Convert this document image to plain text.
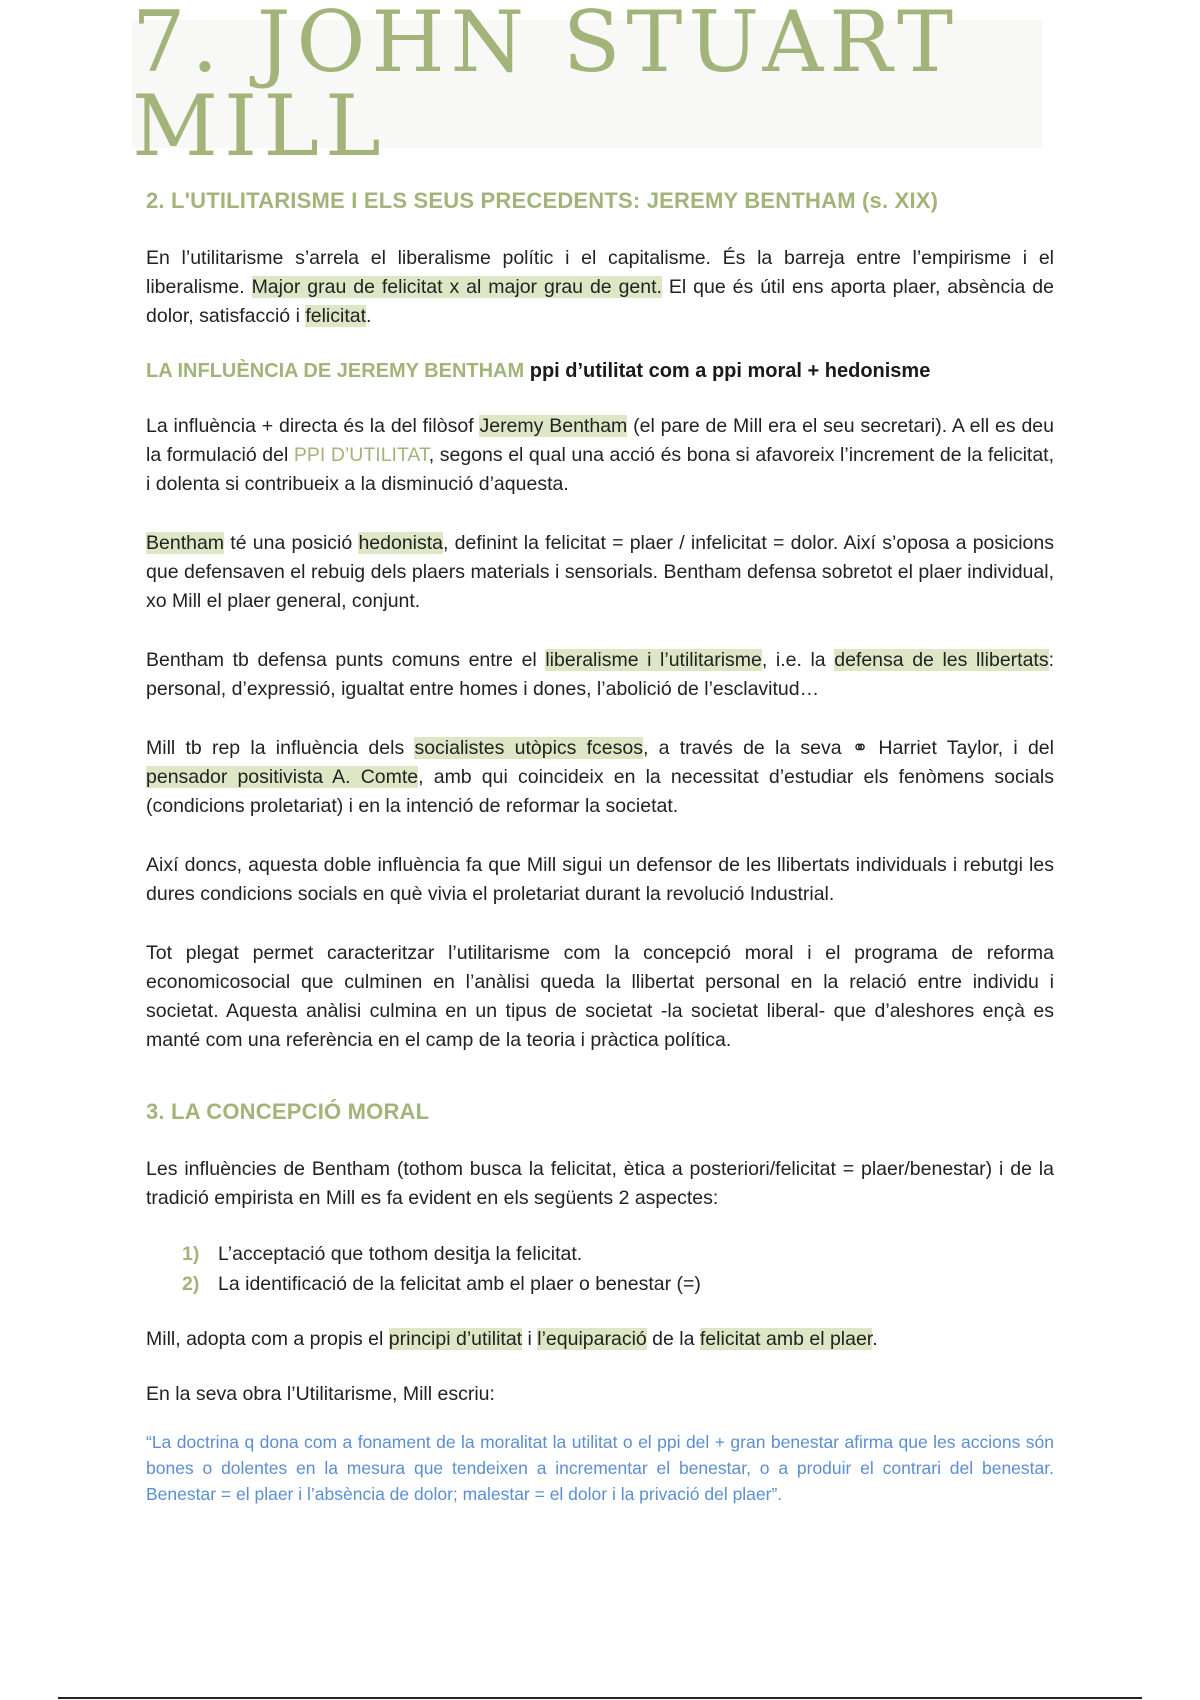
7. JOHN STUART MILL
2. L'UTILITARISME I ELS SEUS PRECEDENTS: JEREMY BENTHAM (s. XIX)

En l’utilitarisme s’arrela el liberalisme polític i el capitalisme. És la barreja entre l’empirisme i el liberalisme. Major grau de felicitat x al major grau de gent. El que és útil ens aporta plaer, absència de dolor, satisfacció i felicitat.

LA INFLUÈNCIA DE JEREMY BENTHAM ppi d’utilitat com a ppi moral + hedonisme

La influència + directa és la del filòsof Jeremy Bentham (el pare de Mill era el seu secretari). A ell es deu la formulació del PPI D’UTILITAT, segons el qual una acció és bona si afavoreix l’increment de la felicitat, i dolenta si contribueix a la disminució d’aquesta.

Bentham té una posició hedonista, definint la felicitat = plaer / infelicitat = dolor. Així s’oposa a posicions que defensaven el rebuig dels plaers materials i sensorials. Bentham defensa sobretot el plaer individual, xo Mill el plaer general, conjunt.

Bentham tb defensa punts comuns entre el liberalisme i l’utilitarisme, i.e. la defensa de les llibertats: personal, d’expressió, igualtat entre homes i dones, l’abolició de l’esclavitud…

Mill tb rep la influència dels socialistes utòpics fcesos, a través de la seva ⚭ Harriet Taylor, i del pensador positivista A. Comte, amb qui coincideix en la necessitat d’estudiar els fenòmens socials (condicions proletariat) i en la intenció de reformar la societat.

Així doncs, aquesta doble influència fa que Mill sigui un defensor de les llibertats individuals i rebutgi les dures condicions socials en què vivia el proletariat durant la revolució Industrial.

Tot plegat permet caracteritzar l’utilitarisme com la concepció moral i el programa de reforma economicosocial que culminen en l’anàlisi queda la llibertat personal en la relació entre individu i societat. Aquesta anàlisi culmina en un tipus de societat -la societat liberal- que d’aleshores ençà es manté com una referència en el camp de la teoria i pràctica política.

3. LA CONCEPCIÓ MORAL

Les influències de Bentham (tothom busca la felicitat, ètica a posteriori/felicitat = plaer/benestar) i de la tradició empirista en Mill es fa evident en els següents 2 aspectes:

1) L’acceptació que tothom desitja la felicitat.
2) La identificació de la felicitat amb el plaer o benestar (=)

Mill, adopta com a propis el principi d’utilitat i l’equiparació de la felicitat amb el plaer.

En la seva obra l’Utilitarisme, Mill escriu:

“La doctrina q dona com a fonament de la moralitat la utilitat o el ppi del + gran benestar afirma que les accions són bones o dolentes en la mesura que tendeixen a incrementar el benestar, o a produir el contrari del benestar. Benestar = el plaer i l’absència de dolor; malestar = el dolor i la privació del plaer”.
